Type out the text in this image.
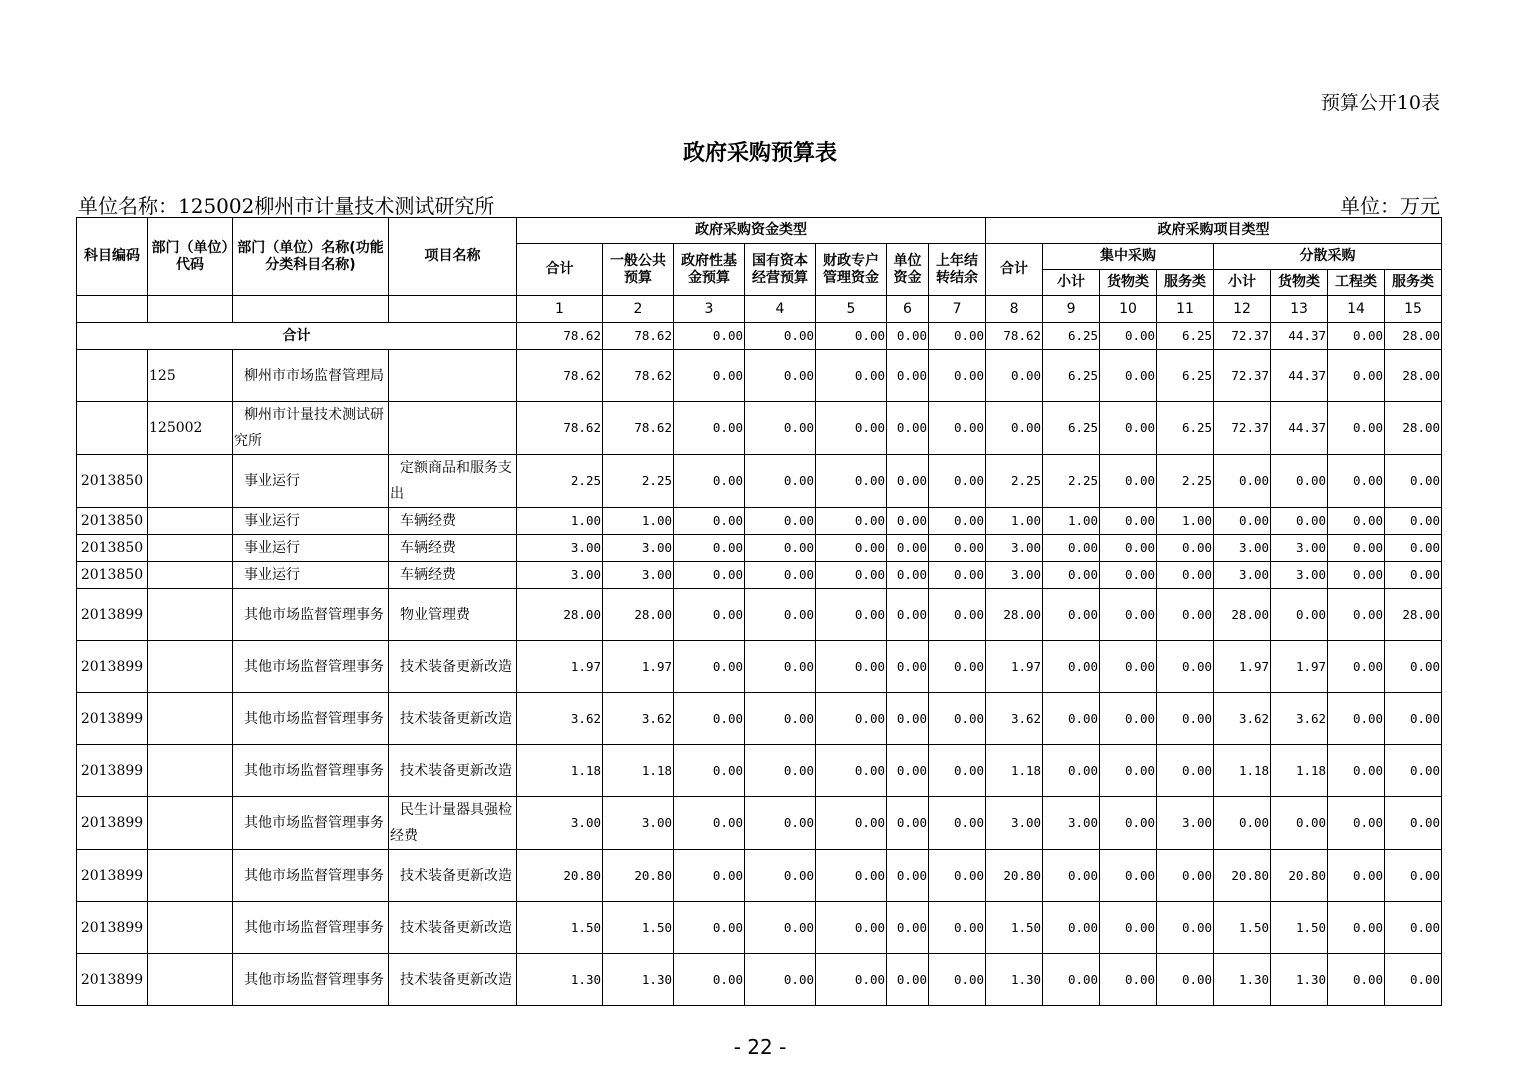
预算公开10表
政府采购预算表
单位名称：125002柳州市计量技术测试研究所	单位：万元
科目编码	部门（单位）代码	部门（单位）名称(功能分类科目名称)	项目名称	政府采购资金类型							政府采购项目类型							
				合计	一般公共预算	政府性基金预算	国有资本经营预算	财政专户管理资金	单位资金	上年结转结余	合计	集中采购			分散采购			
												小计	货物类	服务类	小计	货物类	工程类	服务类
				1	2	3	4	5	6	7	8	9	10	11	12	13	14	15
合计				78.62	78.62	0.00	0.00	0.00	0.00	0.00	78.62	6.25	0.00	6.25	72.37	44.37	0.00	28.00
	125	柳州市市场监督管理局		78.62	78.62	0.00	0.00	0.00	0.00	0.00	0.00	6.25	0.00	6.25	72.37	44.37	0.00	28.00
	125002	柳州市计量技术测试研究所		78.62	78.62	0.00	0.00	0.00	0.00	0.00	0.00	6.25	0.00	6.25	72.37	44.37	0.00	28.00
2013850		事业运行	定额商品和服务支出	2.25	2.25	0.00	0.00	0.00	0.00	0.00	2.25	2.25	0.00	2.25	0.00	0.00	0.00	0.00
2013850		事业运行	车辆经费	1.00	1.00	0.00	0.00	0.00	0.00	0.00	1.00	1.00	0.00	1.00	0.00	0.00	0.00	0.00
2013850		事业运行	车辆经费	3.00	3.00	0.00	0.00	0.00	0.00	0.00	3.00	0.00	0.00	0.00	3.00	3.00	0.00	0.00
2013850		事业运行	车辆经费	3.00	3.00	0.00	0.00	0.00	0.00	0.00	3.00	0.00	0.00	0.00	3.00	3.00	0.00	0.00
2013899		其他市场监督管理事务	物业管理费	28.00	28.00	0.00	0.00	0.00	0.00	0.00	28.00	0.00	0.00	0.00	28.00	0.00	0.00	28.00
2013899		其他市场监督管理事务	技术装备更新改造	1.97	1.97	0.00	0.00	0.00	0.00	0.00	1.97	0.00	0.00	0.00	1.97	1.97	0.00	0.00
2013899		其他市场监督管理事务	技术装备更新改造	3.62	3.62	0.00	0.00	0.00	0.00	0.00	3.62	0.00	0.00	0.00	3.62	3.62	0.00	0.00
2013899		其他市场监督管理事务	技术装备更新改造	1.18	1.18	0.00	0.00	0.00	0.00	0.00	1.18	0.00	0.00	0.00	1.18	1.18	0.00	0.00
2013899		其他市场监督管理事务	民生计量器具强检经费	3.00	3.00	0.00	0.00	0.00	0.00	0.00	3.00	3.00	0.00	3.00	0.00	0.00	0.00	0.00
2013899		其他市场监督管理事务	技术装备更新改造	20.80	20.80	0.00	0.00	0.00	0.00	0.00	20.80	0.00	0.00	0.00	20.80	20.80	0.00	0.00
2013899		其他市场监督管理事务	技术装备更新改造	1.50	1.50	0.00	0.00	0.00	0.00	0.00	1.50	0.00	0.00	0.00	1.50	1.50	0.00	0.00
2013899		其他市场监督管理事务	技术装备更新改造	1.30	1.30	0.00	0.00	0.00	0.00	0.00	1.30	0.00	0.00	0.00	1.30	1.30	0.00	0.00
- 22 -
